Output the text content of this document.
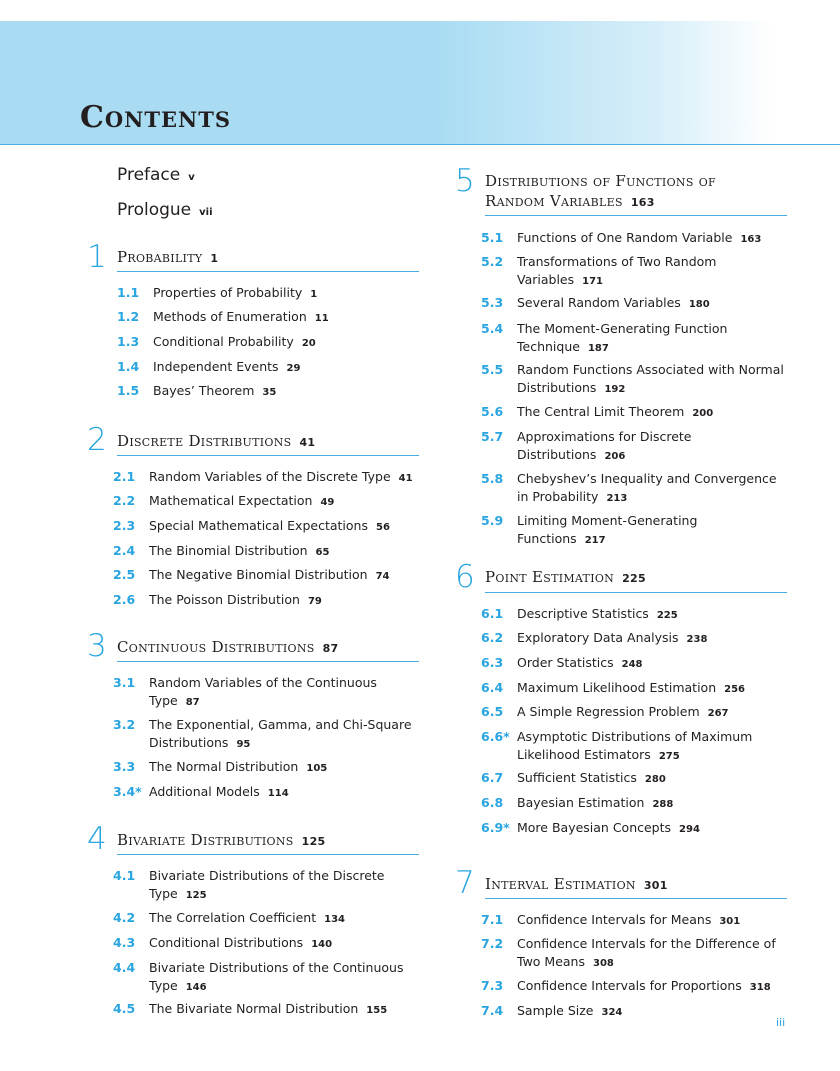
Contents
Preface v
Prologue vii
1 Probability 1
1.1 Properties of Probability 1
1.2 Methods of Enumeration 11
1.3 Conditional Probability 20
1.4 Independent Events 29
1.5 Bayes’ Theorem 35
2 Discrete Distributions 41
2.1 Random Variables of the Discrete Type 41
2.2 Mathematical Expectation 49
2.3 Special Mathematical Expectations 56
2.4 The Binomial Distribution 65
2.5 The Negative Binomial Distribution 74
2.6 The Poisson Distribution 79
3 Continuous Distributions 87
3.1 Random Variables of the Continuous Type 87
3.2 The Exponential, Gamma, and Chi-Square Distributions 95
3.3 The Normal Distribution 105
3.4* Additional Models 114
4 Bivariate Distributions 125
4.1 Bivariate Distributions of the Discrete Type 125
4.2 The Correlation Coefficient 134
4.3 Conditional Distributions 140
4.4 Bivariate Distributions of the Continuous Type 146
4.5 The Bivariate Normal Distribution 155
5 Distributions of Functions of Random Variables 163
5.1 Functions of One Random Variable 163
5.2 Transformations of Two Random Variables 171
5.3 Several Random Variables 180
5.4 The Moment-Generating Function Technique 187
5.5 Random Functions Associated with Normal Distributions 192
5.6 The Central Limit Theorem 200
5.7 Approximations for Discrete Distributions 206
5.8 Chebyshev’s Inequality and Convergence in Probability 213
5.9 Limiting Moment-Generating Functions 217
6 Point Estimation 225
6.1 Descriptive Statistics 225
6.2 Exploratory Data Analysis 238
6.3 Order Statistics 248
6.4 Maximum Likelihood Estimation 256
6.5 A Simple Regression Problem 267
6.6* Asymptotic Distributions of Maximum Likelihood Estimators 275
6.7 Sufficient Statistics 280
6.8 Bayesian Estimation 288
6.9* More Bayesian Concepts 294
7 Interval Estimation 301
7.1 Confidence Intervals for Means 301
7.2 Confidence Intervals for the Difference of Two Means 308
7.3 Confidence Intervals for Proportions 318
7.4 Sample Size 324
iii
